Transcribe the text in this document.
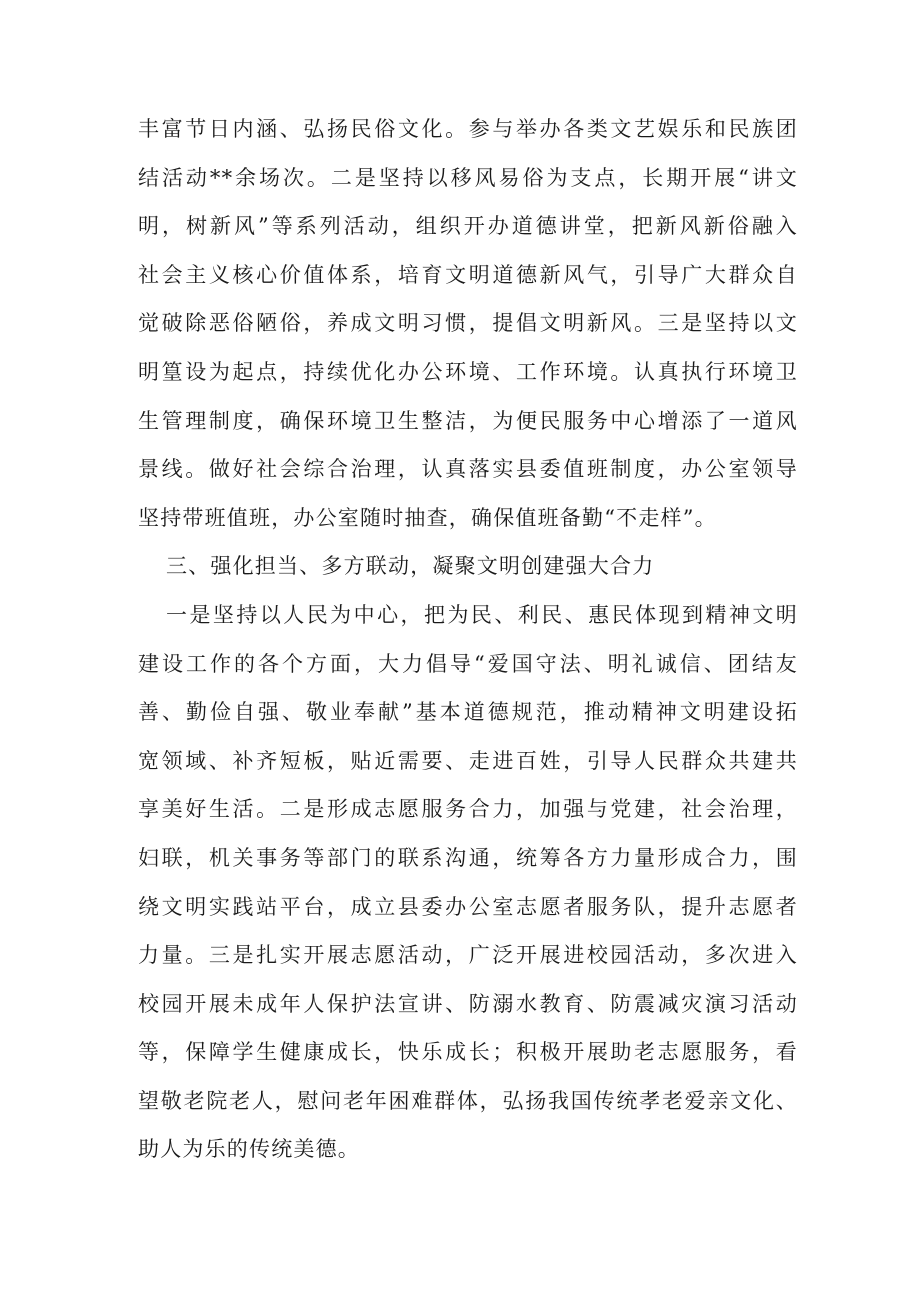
丰富节日内涵、弘扬民俗文化。参与举办各类文艺娱乐和民族团
结活动**余场次。二是坚持以移风易俗为支点，长期开展“讲文
明，树新风”等系列活动，组织开办道德讲堂，把新风新俗融入
社会主义核心价值体系，培育文明道德新风气，引导广大群众自
觉破除恶俗陋俗，养成文明习惯，提倡文明新风。三是坚持以文
明篁设为起点，持续优化办公环境、工作环境。认真执行环境卫
生管理制度，确保环境卫生整洁，为便民服务中心增添了一道风
景线。做好社会综合治理，认真落实县委值班制度，办公室领导
坚持带班值班，办公室随时抽查，确保值班备勤“不走样”。
三、强化担当、多方联动，凝聚文明创建强大合力
一是坚持以人民为中心，把为民、利民、惠民体现到精神文明
建设工作的各个方面，大力倡导“爱国守法、明礼诚信、团结友
善、勤俭自强、敬业奉献”基本道德规范，推动精神文明建设拓
宽领域、补齐短板，贴近需要、走进百姓，引导人民群众共建共
享美好生活。二是形成志愿服务合力，加强与党建，社会治理，
妇联，机关事务等部门的联系沟通，统筹各方力量形成合力，围
绕文明实践站平台，成立县委办公室志愿者服务队，提升志愿者
力量。三是扎实开展志愿活动，广泛开展进校园活动，多次进入
校园开展未成年人保护法宣讲、防溺水教育、防震减灾演习活动
等，保障学生健康成长，快乐成长；积极开展助老志愿服务，看
望敬老院老人，慰问老年困难群体，弘扬我国传统孝老爱亲文化、
助人为乐的传统美德。
